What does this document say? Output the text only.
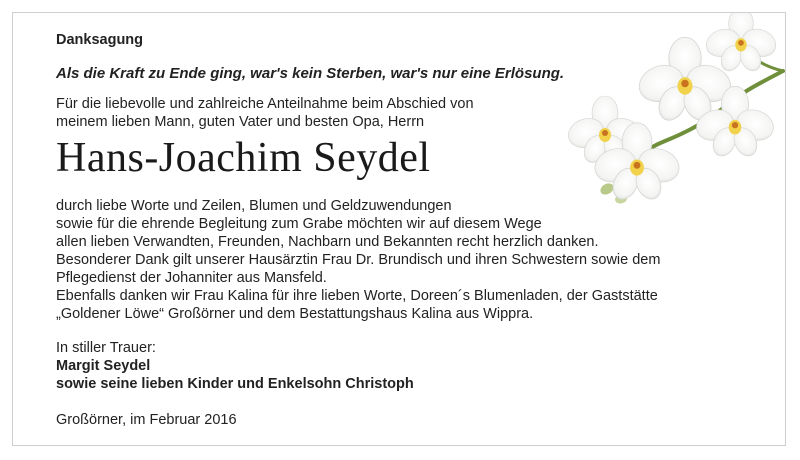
Danksagung
Als die Kraft zu Ende ging, war's kein Sterben, war's nur eine Erlösung.
Für die liebevolle und zahlreiche Anteilnahme beim Abschied von
meinem lieben Mann, guten Vater und besten Opa, Herrn
Hans-Joachim Seydel
durch liebe Worte und Zeilen, Blumen und Geldzuwendungen
sowie für die ehrende Begleitung zum Grabe möchten wir auf diesem Wege
allen lieben Verwandten, Freunden, Nachbarn und Bekannten recht herzlich danken.
Besonderer Dank gilt unserer Hausärztin Frau Dr. Brundisch und ihren Schwestern sowie dem
Pflegedienst der Johanniter aus Mansfeld.
Ebenfalls danken wir Frau Kalina für ihre lieben Worte, Doreen´s Blumenladen, der Gaststätte
„Goldener Löwe“ Großörner und dem Bestattungshaus Kalina aus Wippra.
In stiller Trauer:
Margit Seydel
sowie seine lieben Kinder und Enkelsohn Christoph
Großörner, im Februar 2016
